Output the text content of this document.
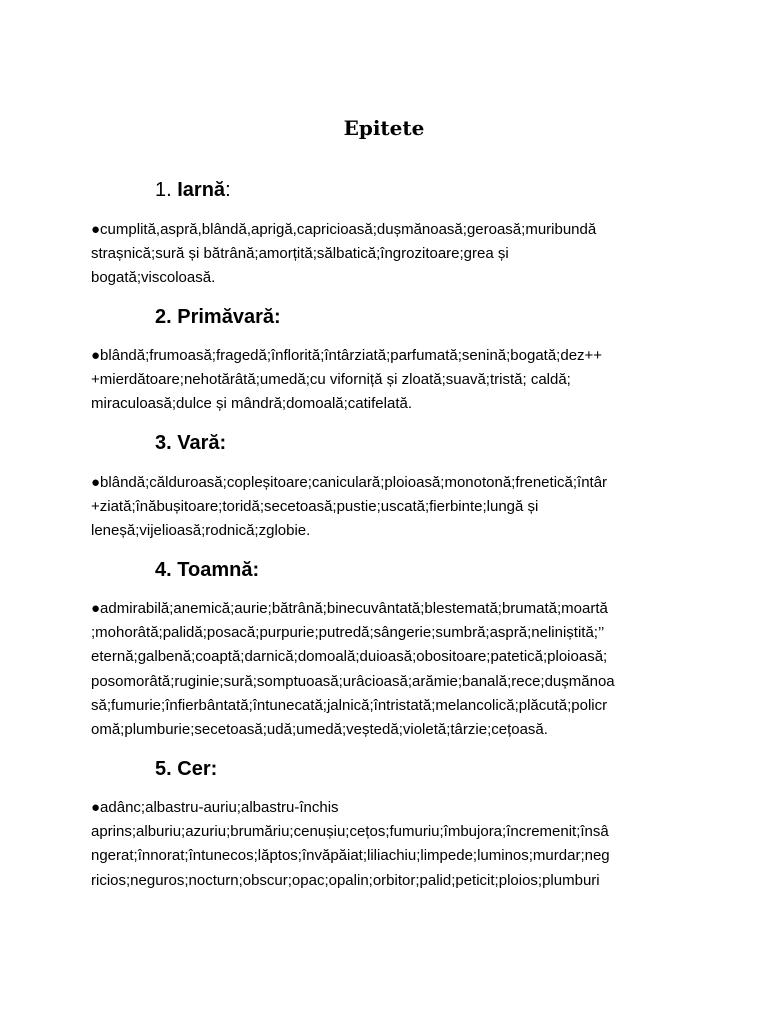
Epitete
1. Iarnă:
●cumplită,aspră,blândă,aprigă,capricioasă;dușmănoasă;geroasă;muribundă
strașnică;sură și bătrână;amorțită;sălbatică;îngrozitoare;grea și
bogată;viscoloasă.
2. Primăvară:
●blândă;frumoasă;fragedă;înflorită;întârziată;parfumată;senină;bogată;dez++
+mierdătoare;nehotărâtă;umedă;cu vifornițǎ și zloată;suavă;tristă; caldă;
miraculoasă;dulce și mândră;domoală;catifelată.
3. Vară:
●blândă;călduroasă;copleșitoare;caniculară;ploioasă;monotonă;frenetică;întâr
+ziată;înăbușitoare;toridă;secetoasă;pustie;uscată;fierbinte;lungă și
leneșă;vijelioasă;rodnică;zglobie.
4. Toamnă:
●admirabilă;anemică;aurie;bătrână;binecuvântată;blestemată;brumată;moartă
;mohorâtă;palidă;posacă;purpurie;putredă;sângerie;sumbră;aspră;neliniștită;’’
eternă;galbenă;coaptă;darnică;domoală;duioasă;obositoare;patetică;ploioasă;
posomorâtă;ruginie;sură;somptuoasă;urâcioasă;arămie;banală;rece;dușmănoa
să;fumurie;înfierbântată;întunecată;jalnică;întristată;melancolică;plăcută;policr
omă;plumburie;secetoasă;udă;umedă;veștedă;violetă;târzie;cețoasă.
5. Cer:
●adânc;albastru-auriu;albastru-închis
aprins;alburiu;azuriu;brumăriu;cenușiu;cețos;fumuriu;îmbujora;încremenit;însâ
ngerat;înnorat;întunecos;lăptos;învăpăiat;liliachiu;limpede;luminos;murdar;neg
ricios;neguros;nocturn;obscur;opac;opalin;orbitor;palid;peticit;ploios;plumburi
